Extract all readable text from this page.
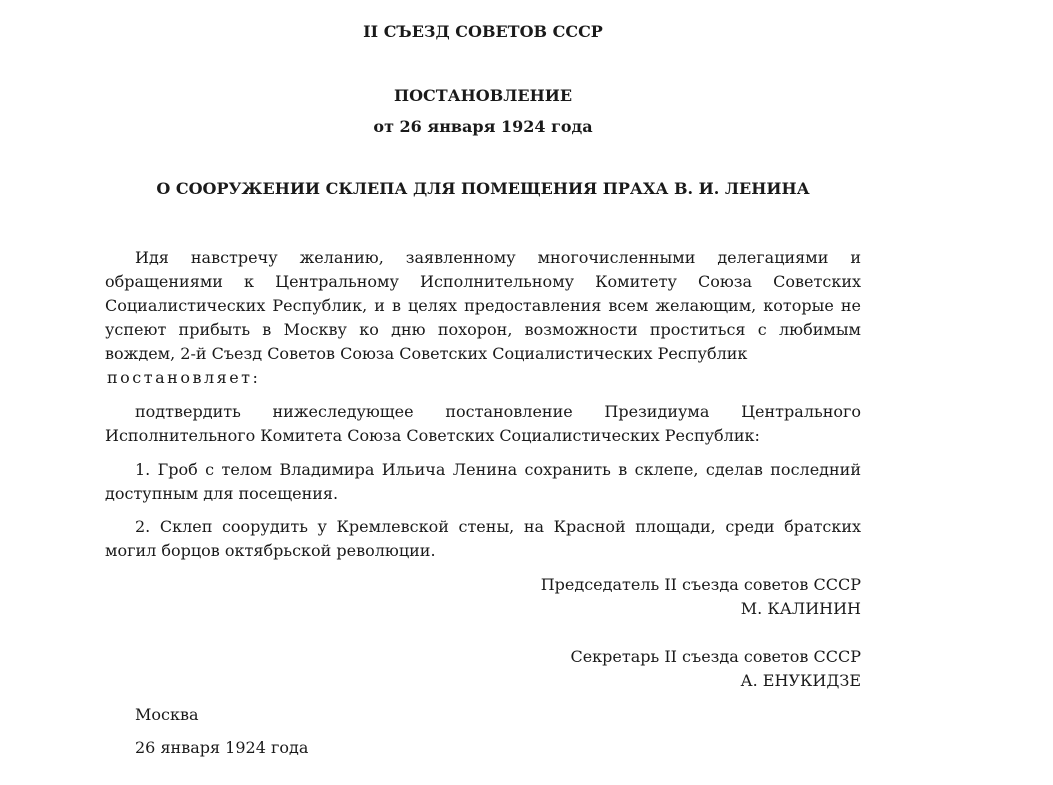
II СЪЕЗД СОВЕТОВ СССР
ПОСТАНОВЛЕНИЕ
от 26 января 1924 года
О СООРУЖЕНИИ СКЛЕПА ДЛЯ ПОМЕЩЕНИЯ ПРАХА В. И. ЛЕНИНА

Идя навстречу желанию, заявленному многочисленными делегациями и обращениями к Центральному Исполнительному Комитету Союза Советских Социалистических Республик, и в целях предоставления всем желающим, которые не успеют прибыть в Москву ко дню похорон, возможности проститься с любимым вождем, 2-й Съезд Советов Союза Советских Социалистических Республик
постановляет:

подтвердить нижеследующее постановление Президиума Центрального Исполнительного Комитета Союза Советских Социалистических Республик:

1. Гроб с телом Владимира Ильича Ленина сохранить в склепе, сделав последний доступным для посещения.

2. Склеп соорудить у Кремлевской стены, на Красной площади, среди братских могил борцов октябрьской революции.

Председатель II съезда советов СССР
М. КАЛИНИН
Секретарь II съезда советов СССР
А. ЕНУКИДЗЕ
Москва
26 января 1924 года
